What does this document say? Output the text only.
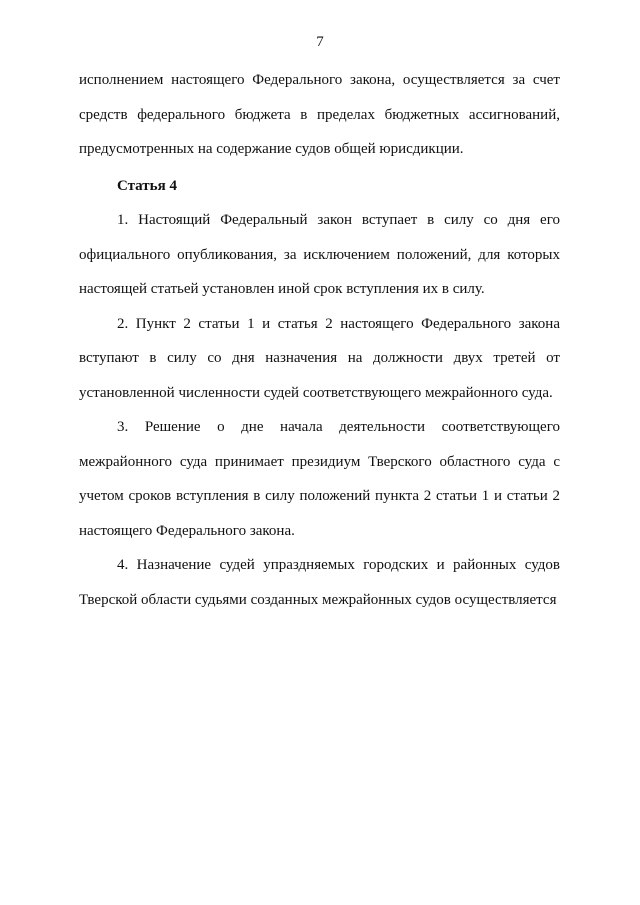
7
исполнением настоящего Федерального закона, осуществляется за счет
средств федерального бюджета в пределах бюджетных ассигнований,
предусмотренных на содержание судов общей юрисдикции.
Статья 4
1. Настоящий Федеральный закон вступает в силу со дня его
официального опубликования, за исключением положений, для которых
настоящей статьей установлен иной срок вступления их в силу.
2. Пункт 2 статьи 1 и статья 2 настоящего Федерального закона
вступают в силу со дня назначения на должности двух третей от
установленной численности судей соответствующего межрайонного суда.
3. Решение о дне начала деятельности соответствующего
межрайонного суда принимает президиум Тверского областного суда с
учетом сроков вступления в силу положений пункта 2 статьи 1 и статьи 2
настоящего Федерального закона.
4. Назначение судей упраздняемых городских и районных судов
Тверской области судьями созданных межрайонных судов осуществляется
